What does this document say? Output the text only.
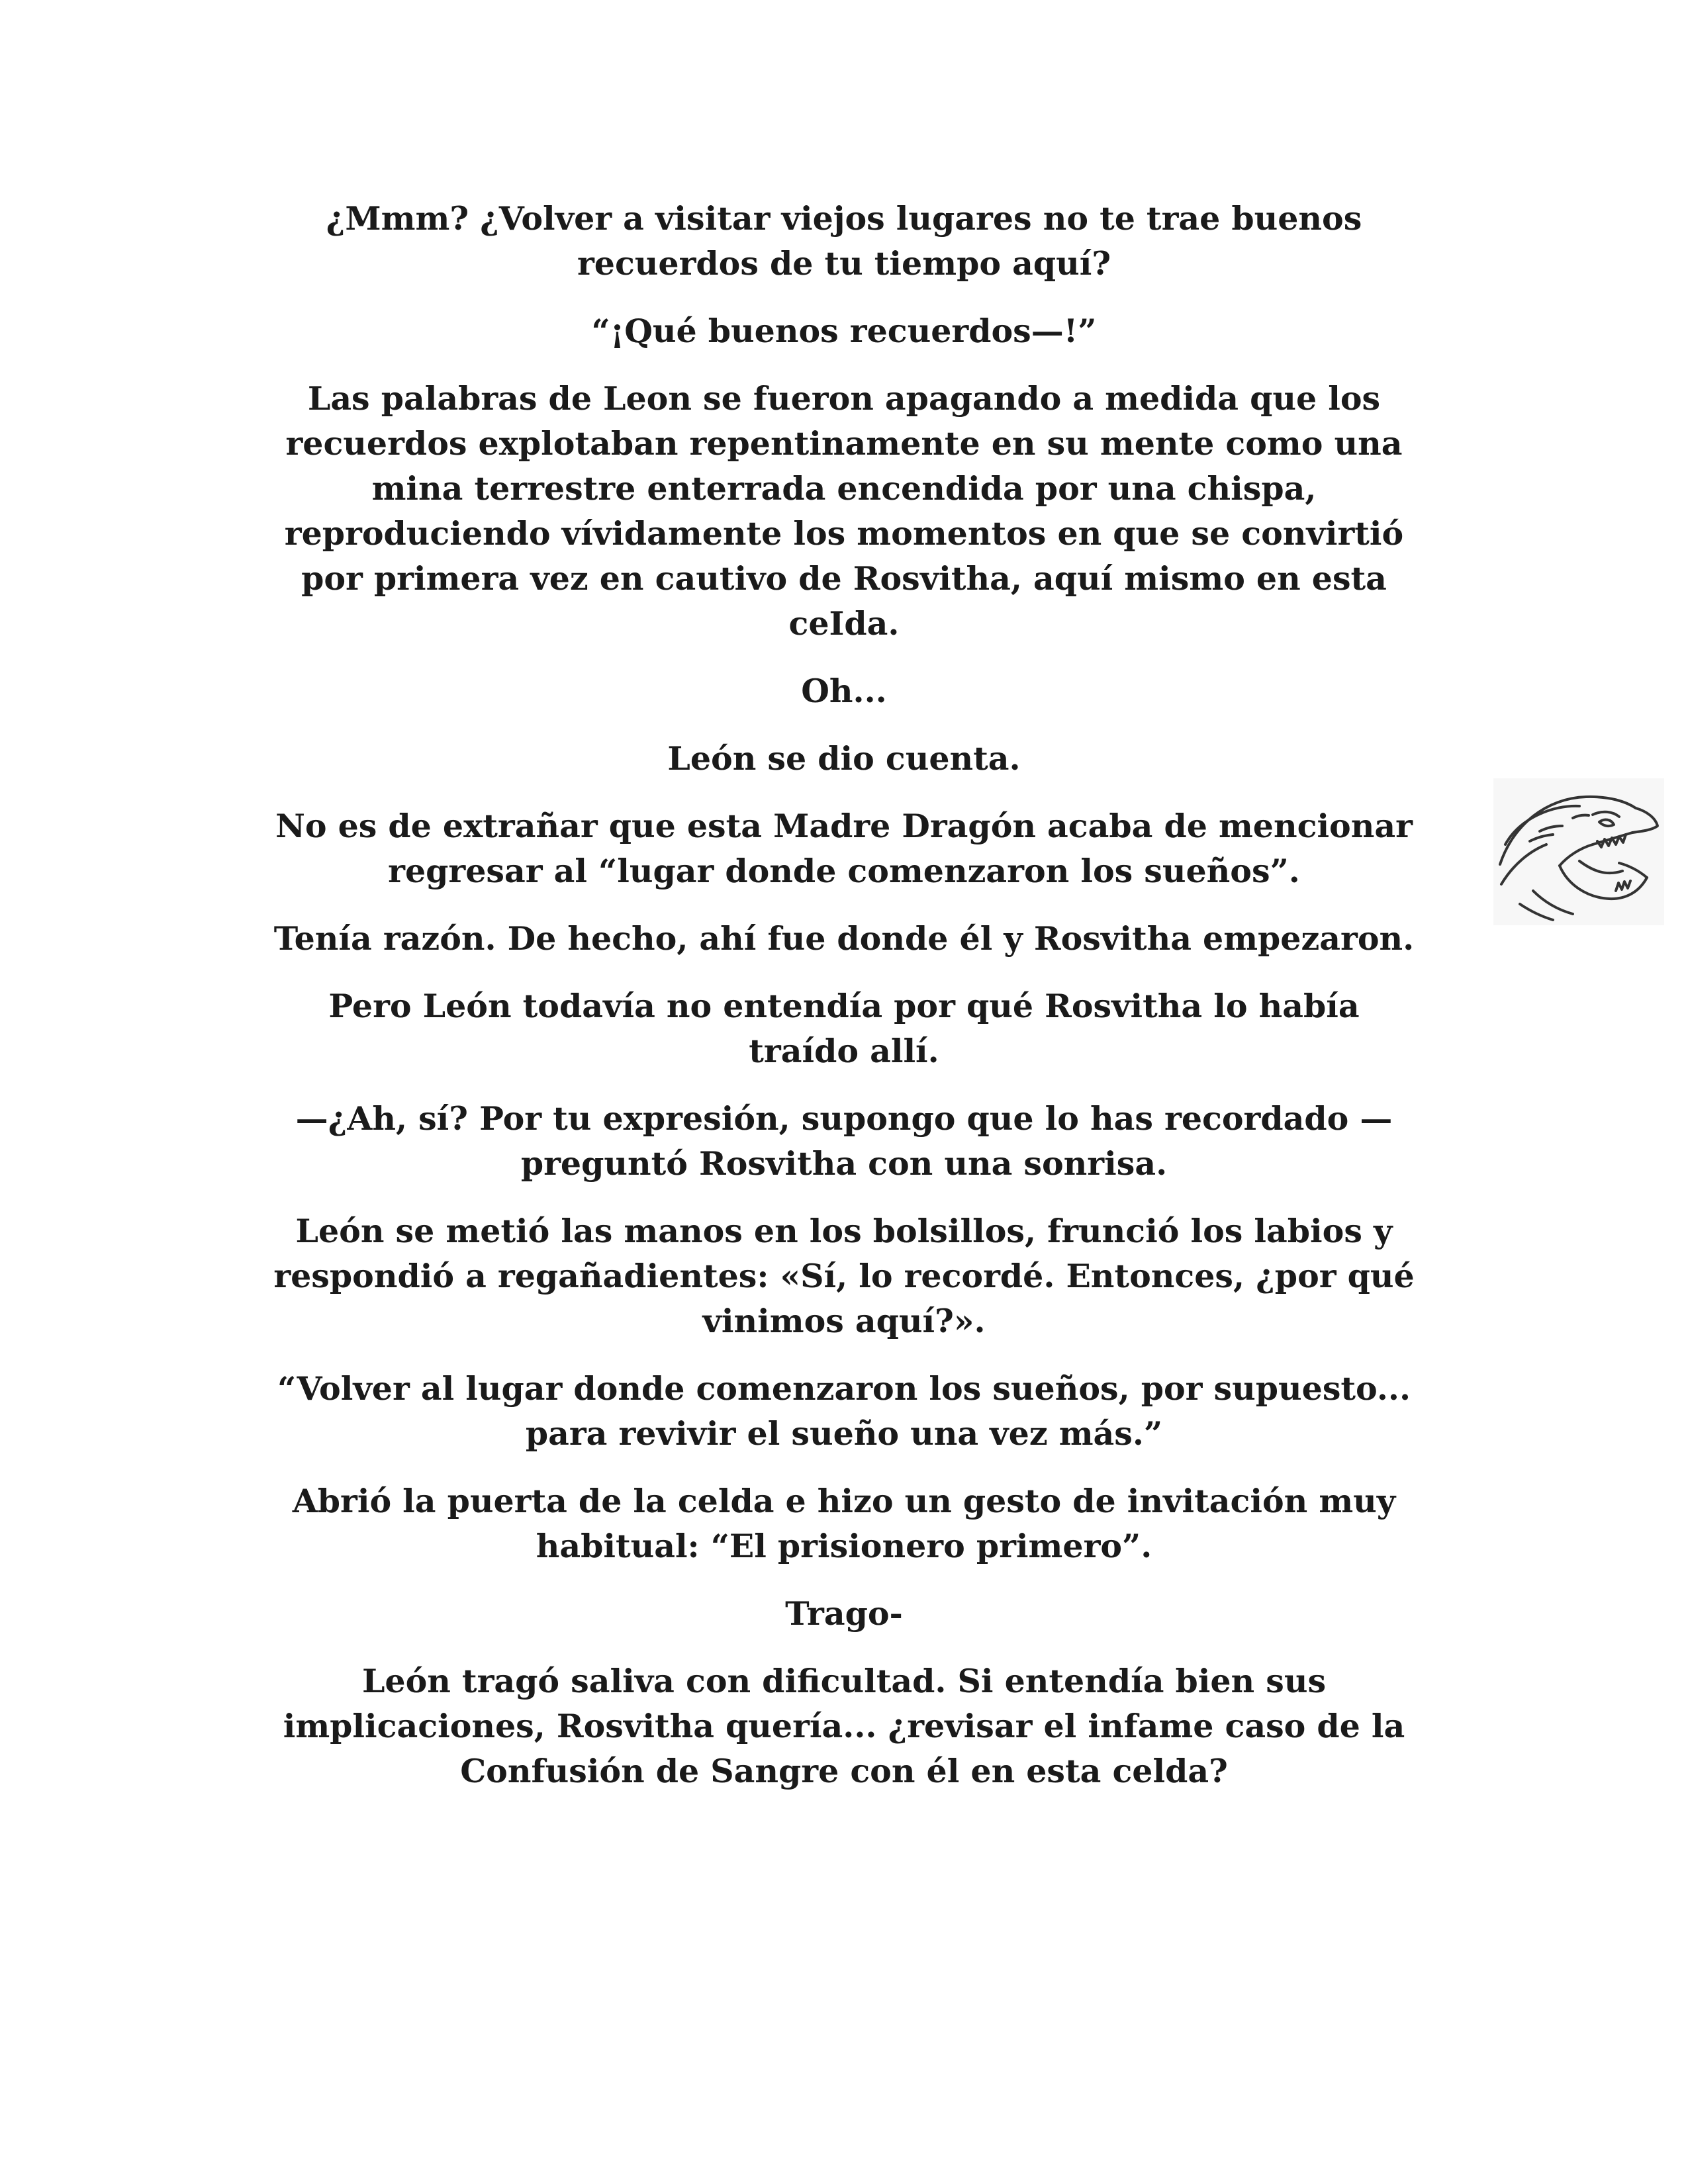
¿Mmm? ¿Volver a visitar viejos lugares no te trae buenos
recuerdos de tu tiempo aquí?

“¡Qué buenos recuerdos—!”

Las palabras de Leon se fueron apagando a medida que los
recuerdos explotaban repentinamente en su mente como una
mina terrestre enterrada encendida por una chispa,
reproduciendo vívidamente los momentos en que se convirtió
por primera vez en cautivo de Rosvitha, aquí mismo en esta
ceIda.

Oh...

León se dio cuenta.

No es de extrañar que esta Madre Dragón acaba de mencionar
regresar al “lugar donde comenzaron los sueños”.

Tenía razón. De hecho, ahí fue donde él y Rosvitha empezaron.

Pero León todavía no entendía por qué Rosvitha lo había
traído allí.

—¿Ah, sí? Por tu expresión, supongo que lo has recordado —
preguntó Rosvitha con una sonrisa.

León se metió las manos en los bolsillos, frunció los labios y
respondió a regañadientes: «Sí, lo recordé. Entonces, ¿por qué
vinimos aquí?».

“Volver al lugar donde comenzaron los sueños, por supuesto...
para revivir el sueño una vez más.”

Abrió la puerta de la celda e hizo un gesto de invitación muy
habitual: “El prisionero primero”.

Trago-

León tragó saliva con dificultad. Si entendía bien sus
implicaciones, Rosvitha quería... ¿revisar el infame caso de la
Confusión de Sangre con él en esta celda?
